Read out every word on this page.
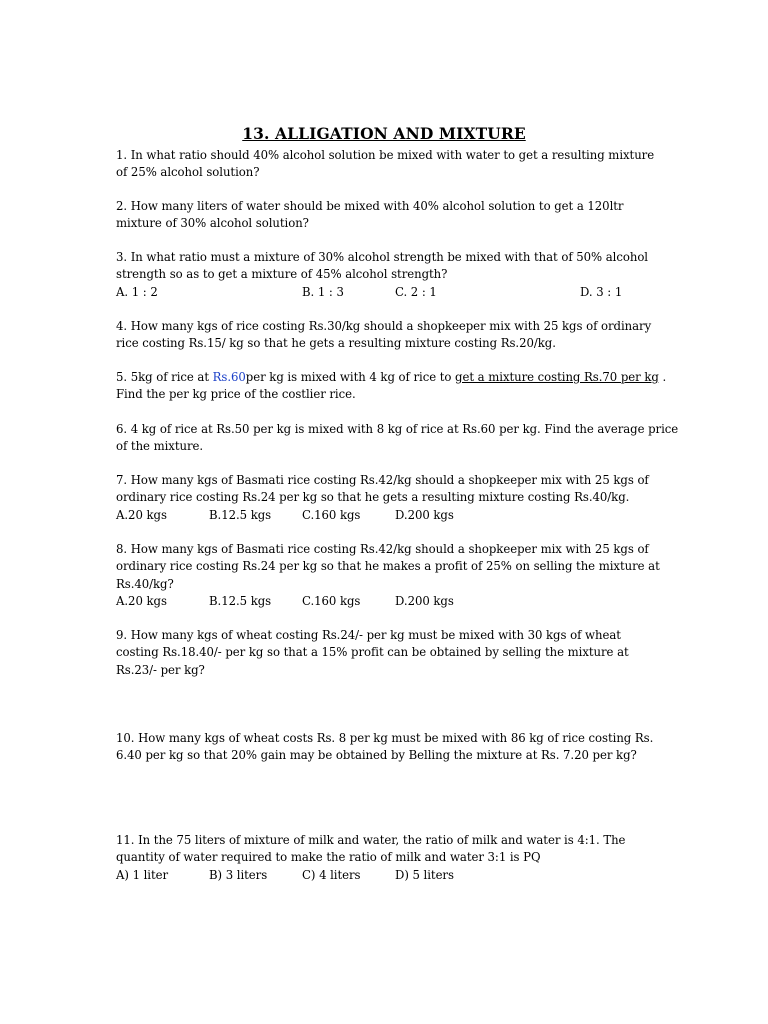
13. ALLIGATION AND MIXTURE

1. In what ratio should 40% alcohol solution be mixed with water to get a resulting mixture

of 25% alcohol solution?

2. How many liters of water should be mixed with 40% alcohol solution to get a 120ltr

mixture of 30% alcohol solution?

3. In what ratio must a mixture of 30% alcohol strength be mixed with that of 50% alcohol

strength so as to get a mixture of 45% alcohol strength?

A. 1 : 2	B. 1 : 3	C. 2 : 1	D. 3 : 1

4. How many kgs of rice costing Rs.30/kg should a shopkeeper mix with 25 kgs of ordinary

rice costing Rs.15/ kg so that he gets a resulting mixture costing Rs.20/kg.

5. 5kg of rice at Rs.60per kg is mixed with 4 kg of rice to get a mixture costing Rs.70 per kg .

Find the per kg price of the costlier rice.

6. 4 kg of rice at Rs.50 per kg is mixed with 8 kg of rice at Rs.60 per kg. Find the average price

of the mixture.

7. How many kgs of Basmati rice costing Rs.42/kg should a shopkeeper mix with 25 kgs of

ordinary rice costing Rs.24 per kg so that he gets a resulting mixture costing Rs.40/kg.

A.20 kgs	B.12.5 kgs	C.160 kgs	D.200 kgs

8. How many kgs of Basmati rice costing Rs.42/kg should a shopkeeper mix with 25 kgs of

ordinary rice costing Rs.24 per kg so that he makes a profit of 25% on selling the mixture at

Rs.40/kg?

A.20 kgs	B.12.5 kgs	C.160 kgs	D.200 kgs

9. How many kgs of wheat costing Rs.24/- per kg must be mixed with 30 kgs of wheat

costing Rs.18.40/- per kg so that a 15% profit can be obtained by selling the mixture at

Rs.23/- per kg?

10. How many kgs of wheat costs Rs. 8 per kg must be mixed with 86 kg of rice costing Rs.

6.40 per kg so that 20% gain may be obtained by Belling the mixture at Rs. 7.20 per kg?

11. In the 75 liters of mixture of milk and water, the ratio of milk and water is 4:1. The

quantity of water required to make the ratio of milk and water 3:1 is PQ

A) 1 liter	B) 3 liters	C) 4 liters	D) 5 liters
